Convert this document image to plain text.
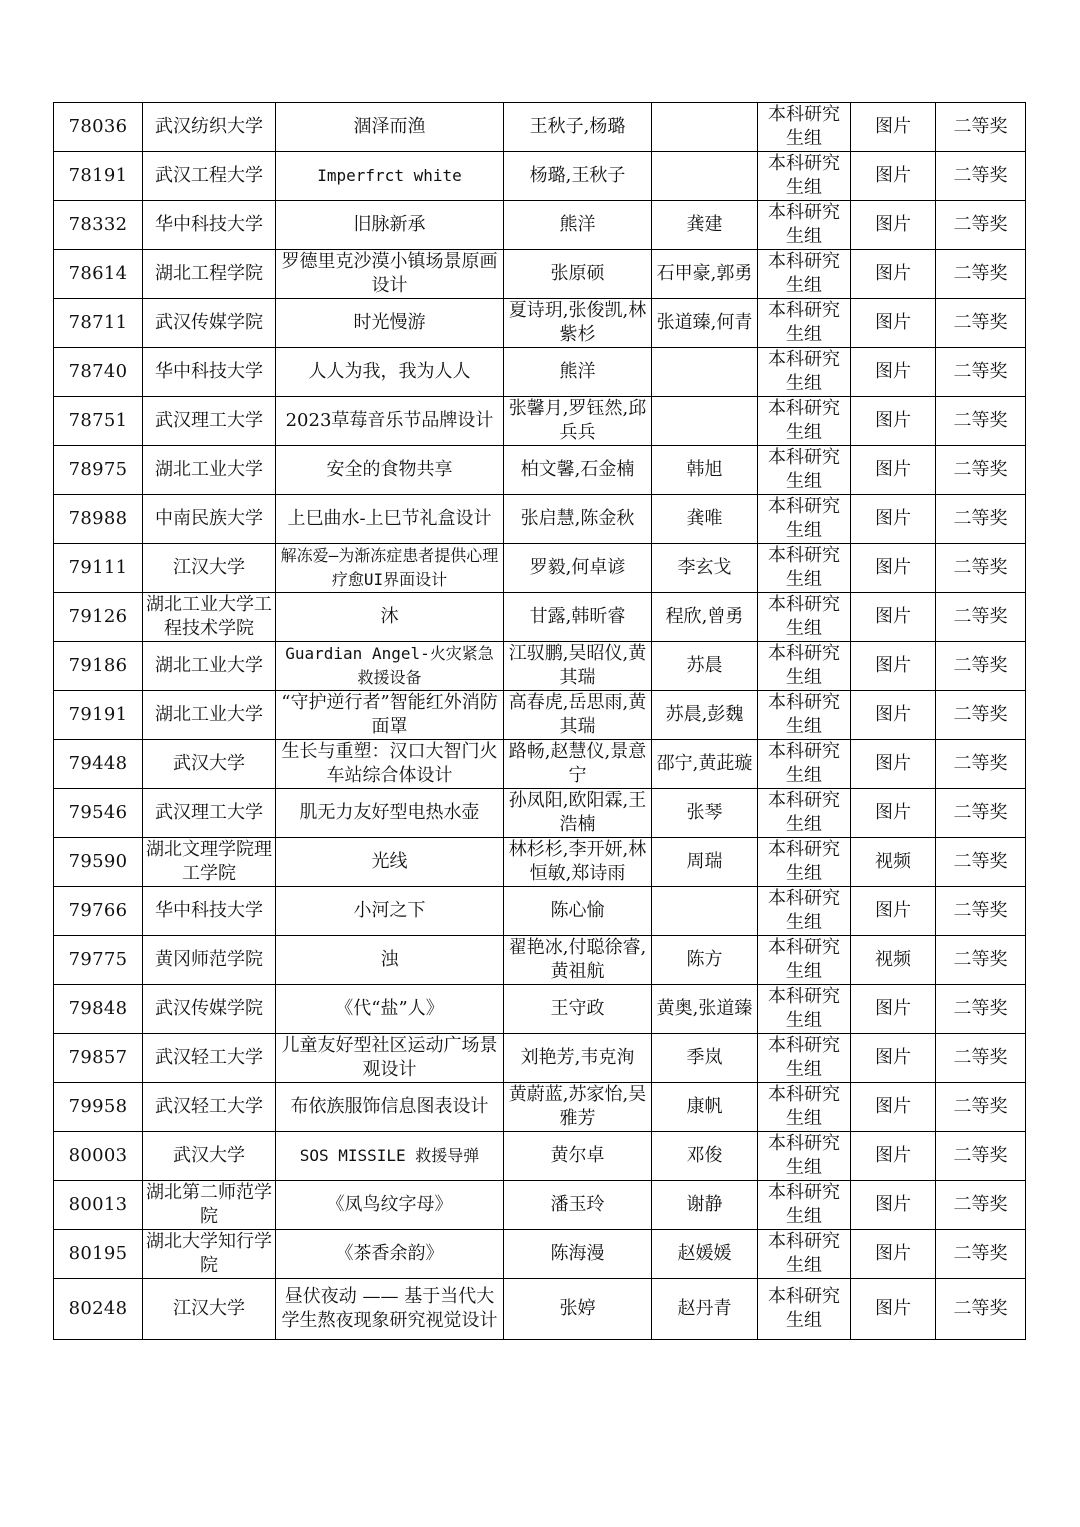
78036	武汉纺织大学	涸泽而渔	王秋子,杨璐		本科研究生组	图片	二等奖
78191	武汉工程大学	Imperfrct white	杨璐,王秋子		本科研究生组	图片	二等奖
78332	华中科技大学	旧脉新承	熊洋	龚建	本科研究生组	图片	二等奖
78614	湖北工程学院	罗德里克沙漠小镇场景原画设计	张原硕	石甲豪,郭勇	本科研究生组	图片	二等奖
78711	武汉传媒学院	时光慢游	夏诗玥,张俊凯,林紫杉	张道臻,何青	本科研究生组	图片	二等奖
78740	华中科技大学	人人为我，我为人人	熊洋		本科研究生组	图片	二等奖
78751	武汉理工大学	2023草莓音乐节品牌设计	张馨月,罗钰然,邱兵兵		本科研究生组	图片	二等奖
78975	湖北工业大学	安全的食物共享	柏文馨,石金楠	韩旭	本科研究生组	图片	二等奖
78988	中南民族大学	上巳曲水-上巳节礼盒设计	张启慧,陈金秋	龚唯	本科研究生组	图片	二等奖
79111	江汉大学	解冻爱—为渐冻症患者提供心理疗愈UI界面设计	罗毅,何卓谚	李玄戈	本科研究生组	图片	二等奖
79126	湖北工业大学工程技术学院	沐	甘露,韩昕睿	程欣,曾勇	本科研究生组	图片	二等奖
79186	湖北工业大学	Guardian Angel-火灾紧急救援设备	江驭鹏,吴昭仪,黄其瑞	苏晨	本科研究生组	图片	二等奖
79191	湖北工业大学	“守护逆行者”智能红外消防面罩	高春虎,岳思雨,黄其瑞	苏晨,彭魏	本科研究生组	图片	二等奖
79448	武汉大学	生长与重塑：汉口大智门火车站综合体设计	路畅,赵慧仪,景意宁	邵宁,黄茈璇	本科研究生组	图片	二等奖
79546	武汉理工大学	肌无力友好型电热水壶	孙凤阳,欧阳霖,王浩楠	张琴	本科研究生组	图片	二等奖
79590	湖北文理学院理工学院	光线	林杉杉,李开妍,林恒敏,郑诗雨	周瑞	本科研究生组	视频	二等奖
79766	华中科技大学	小河之下	陈心愉		本科研究生组	图片	二等奖
79775	黄冈师范学院	浊	翟艳冰,付聪徐睿,黄祖航	陈方	本科研究生组	视频	二等奖
79848	武汉传媒学院	《代“盐”人》	王守政	黄奥,张道臻	本科研究生组	图片	二等奖
79857	武汉轻工大学	儿童友好型社区运动广场景观设计	刘艳芳,韦克洵	季岚	本科研究生组	图片	二等奖
79958	武汉轻工大学	布依族服饰信息图表设计	黄蔚蓝,苏家怡,吴雅芳	康帆	本科研究生组	图片	二等奖
80003	武汉大学	SOS MISSILE 救援导弹	黄尔卓	邓俊	本科研究生组	图片	二等奖
80013	湖北第二师范学院	《凤鸟纹字母》	潘玉玲	谢静	本科研究生组	图片	二等奖
80195	湖北大学知行学院	《茶香余韵》	陈海漫	赵媛媛	本科研究生组	图片	二等奖
80248	江汉大学	昼伏夜动 —— 基于当代大学生熬夜现象研究视觉设计	张婷	赵丹青	本科研究生组	图片	二等奖
